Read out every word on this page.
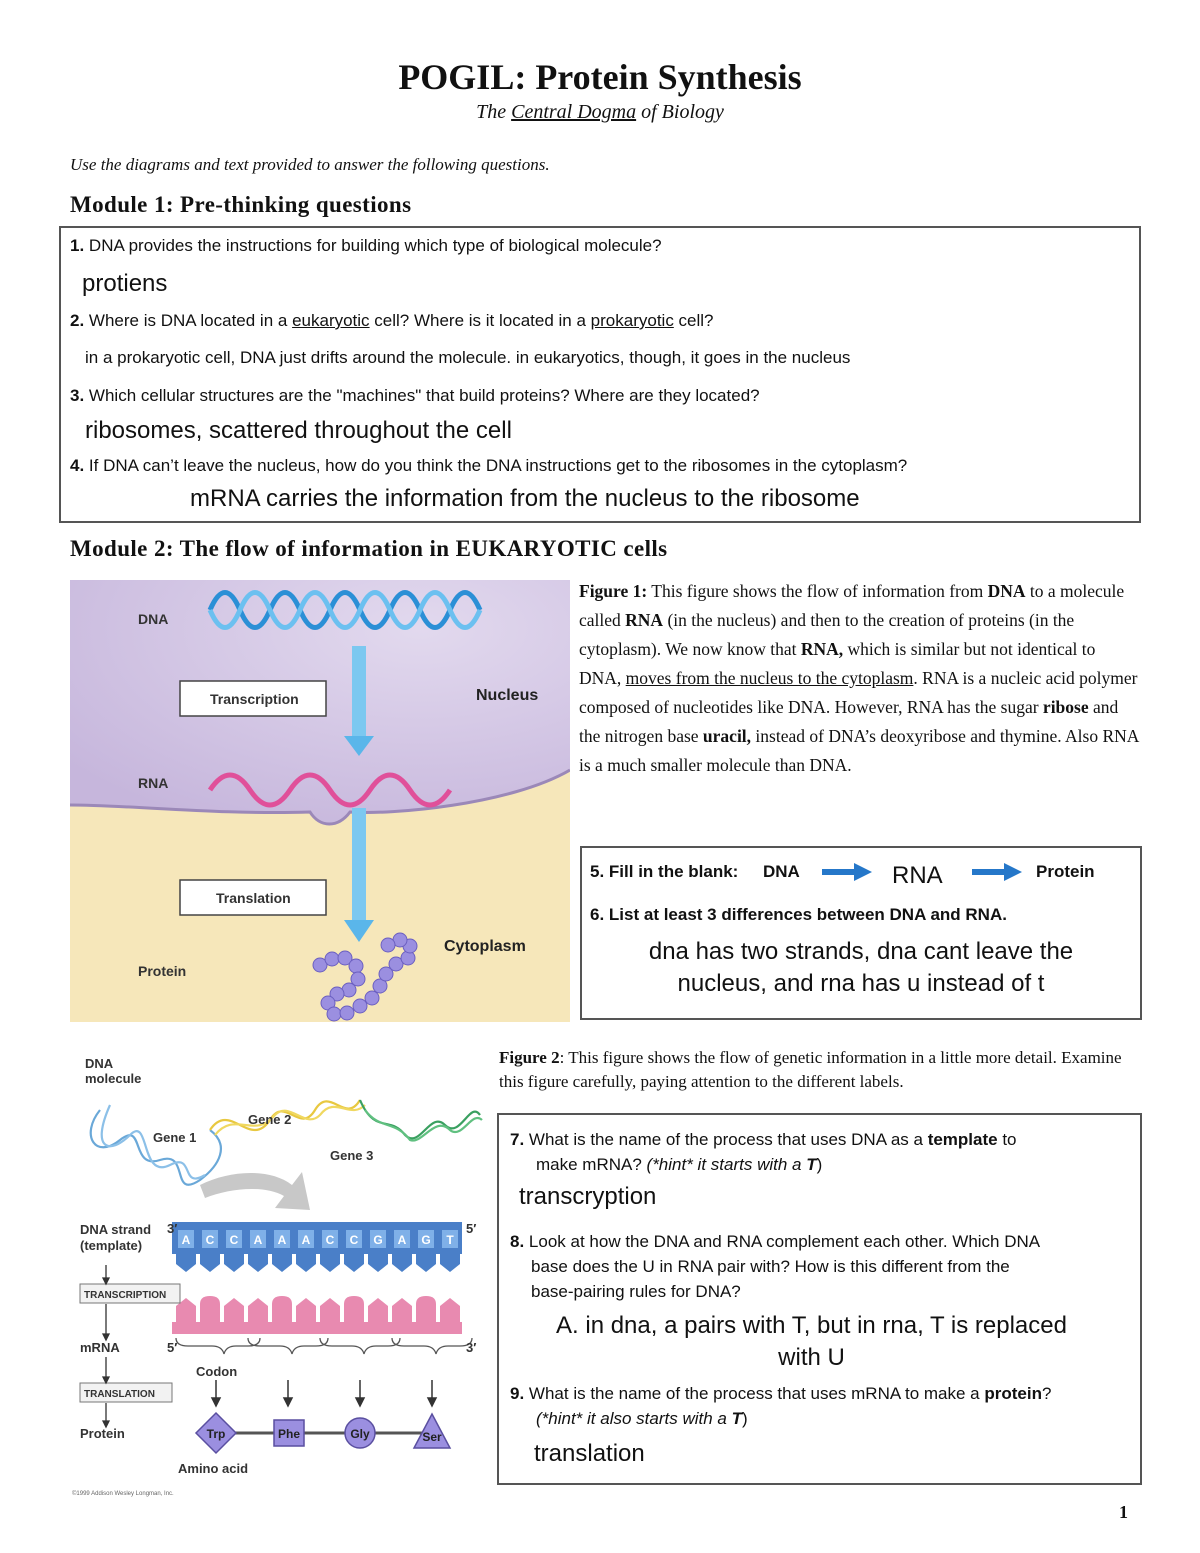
POGIL: Protein Synthesis
The Central Dogma of Biology
Use the diagrams and text provided to answer the following questions.
Module 1: Pre-thinking questions
1. DNA provides the instructions for building which type of biological molecule?
protiens
2. Where is DNA located in a eukaryotic cell? Where is it located in a prokaryotic cell?
in a prokaryotic cell, DNA just drifts around the molecule. in eukaryotics, though, it goes in the nucleus
3. Which cellular structures are the "machines" that build proteins? Where are they located?
ribosomes, scattered throughout the cell
4. If DNA can’t leave the nucleus, how do you think the DNA instructions get to the ribosomes in the cytoplasm?
mRNA carries the information from the nucleus to the ribosome
Module 2: The flow of information in EUKARYOTIC cells
DNA
Transcription
RNA
Translation
Protein
Nucleus
Cytoplasm
Figure 1: This figure shows the flow of information from DNA to a molecule called RNA (in the nucleus) and then to the creation of proteins (in the cytoplasm). We now know that RNA, which is similar but not identical to DNA, moves from the nucleus to the cytoplasm. RNA is a nucleic acid polymer composed of nucleotides like DNA. However, RNA has the sugar ribose and the nitrogen base uracil, instead of DNA’s deoxyribose and thymine. Also RNA is a much smaller molecule than DNA.
5. Fill in the blank: DNA	RNA	Protein
6. List at least 3 differences between DNA and RNA.
dna has two strands, dna cant leave the
nucleus, and rna has u instead of t
A C C A A A C C G A G T
DNA
molecule
Gene 1
Gene 2
Gene 3
DNA strand
(template)
3′	5′
TRANSCRIPTION
mRNA	5′	3′
Codon
TRANSLATION
Protein
Amino acid
©1999 Addison Wesley Longman, Inc.
Trp	Phe	Gly	Ser
Figure 2: This figure shows the flow of genetic information in a little more detail. Examine this figure carefully, paying attention to the different labels.
7. What is the name of the process that uses DNA as a template to
make mRNA? (*hint* it starts with a T)
transcryption
8. Look at how the DNA and RNA complement each other. Which DNA
base does the U in RNA pair with? How is this different from the
base-pairing rules for DNA?
A. in dna, a pairs with T, but in rna, T is replaced
with U
9. What is the name of the process that uses mRNA to make a protein?
(*hint* it also starts with a T)
translation
1
